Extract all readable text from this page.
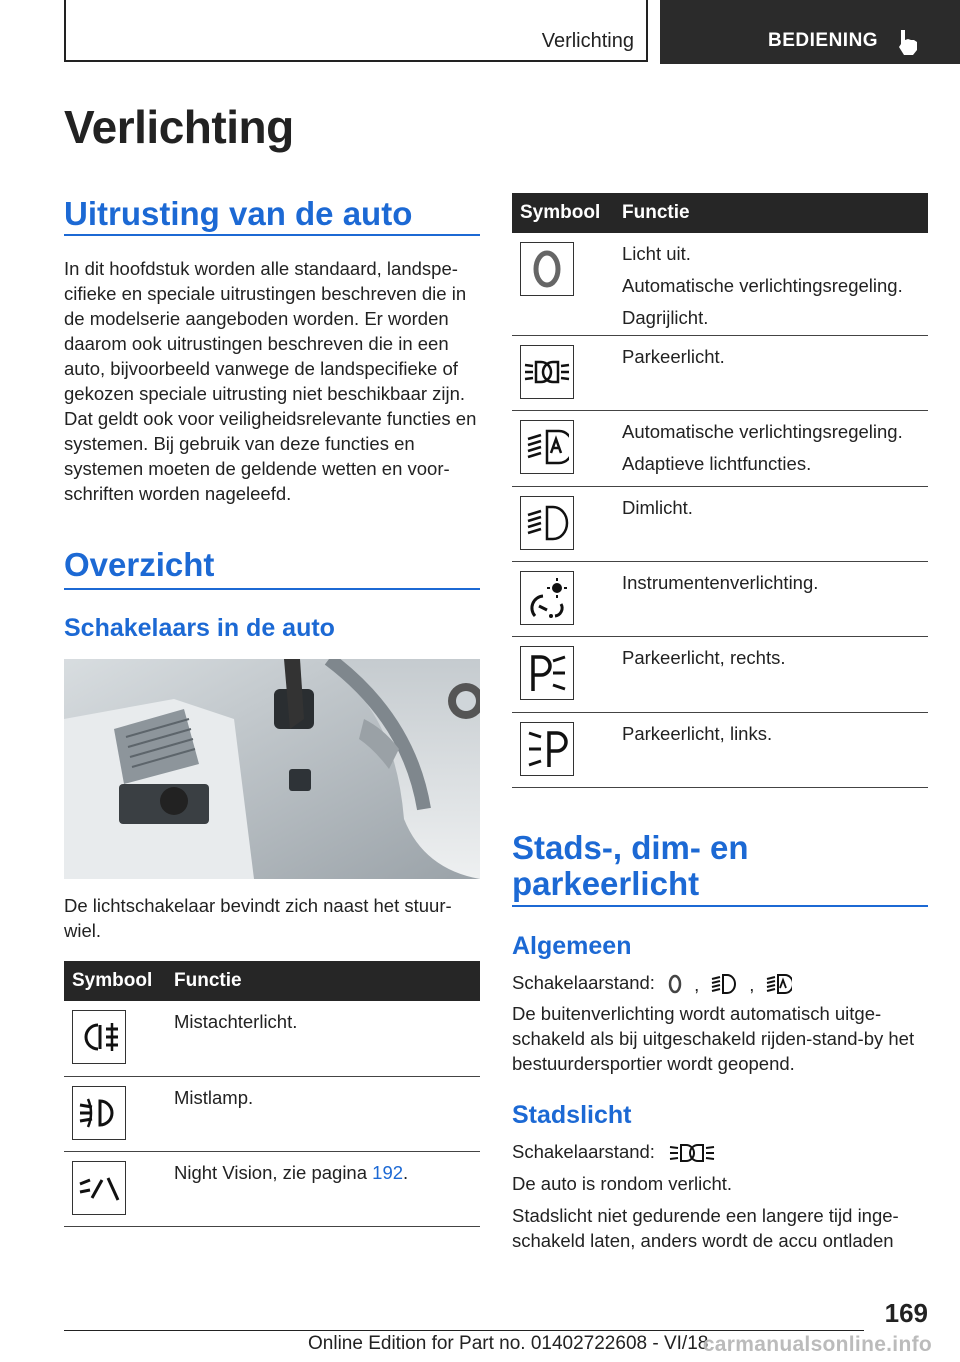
Verlichting	BEDIENING
Verlichting
Uitrusting van de auto

In dit hoofdstuk worden alle standaard, landspe-cifieke en speciale uitrustingen beschreven die in de modelserie aangeboden worden. Er worden daarom ook uitrustingen beschreven die in een auto, bijvoorbeeld vanwege de landspecifieke of gekozen speciale uitrusting niet beschikbaar zijn. Dat geldt ook voor veiligheidsrelevante functies en systemen. Bij gebruik van deze functies en systemen moeten de geldende wetten en voor-schriften worden nageleefd.

Overzicht
Schakelaars in de auto

De lichtschakelaar bevindt zich naast het stuur-wiel.

Symbool	Functie

Mistachterlicht.

Mistlamp.

Night Vision, zie pagina 192.
Symbool	Functie

Licht uit.
Automatische verlichtingsregeling.
Dagrijlicht.

Parkeerlicht.

Automatische verlichtingsregeling.
Adaptieve lichtfuncties.

Dimlicht.

Instrumentenverlichting.

Parkeerlicht, rechts.

Parkeerlicht, links.
Stads-, dim- en
parkeerlicht
Algemeen

Schakelaarstand: ,	,

De buitenverlichting wordt automatisch uitge-schakeld als bij uitgeschakeld rijden-stand-by het bestuurdersportier wordt geopend.

Stadslicht

Schakelaarstand:

De auto is rondom verlicht.

Stadslicht niet gedurende een langere tijd inge-schakeld laten, anders wordt de accu ontladen

169
Online Edition for Part no. 01402722608 - VI/18
carmanualsonline.info
